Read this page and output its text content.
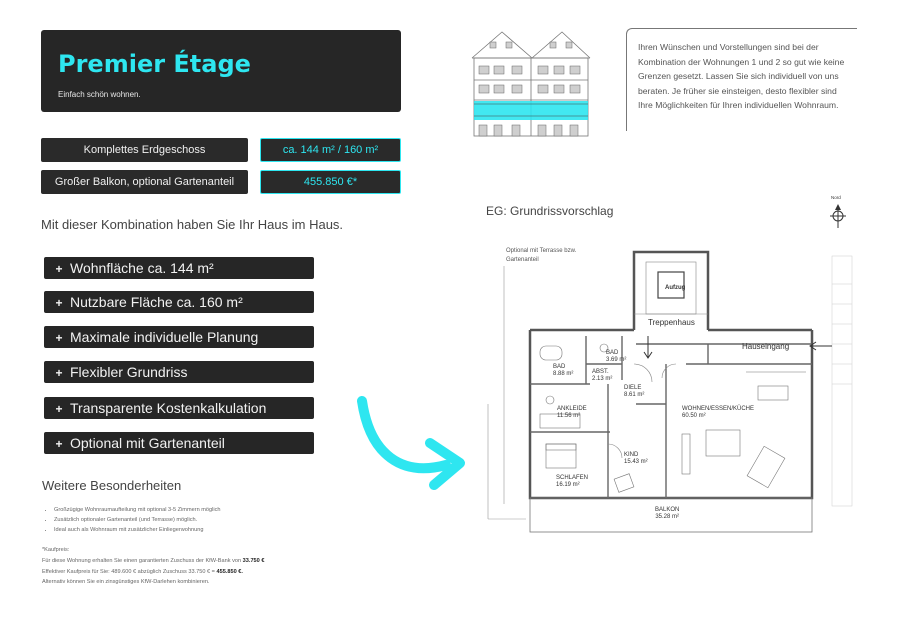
Premier Étage
Einfach schön wohnen.
Komplettes Erdgeschoss	ca. 144 m² / 160 m²
Großer Balkon, optional Gartenanteil	455.850 €*
Mit dieser Kombination haben Sie Ihr Haus im Haus.
+ Wohnfläche ca. 144 m²
+ Nutzbare Fläche ca. 160 m²
+ Maximale individuelle Planung
+ Flexibler Grundriss
+ Transparente Kostenkalkulation
+ Optional mit Gartenanteil
Weitere Besonderheiten
• Großzügige Wohnraumaufteilung mit optional 3-5 Zimmern möglich
• Zusätzlich optionaler Gartenanteil (und Terrasse) möglich.
• Ideal auch als Wohnraum mit zusätzlicher Einliegerwohnung
*Kaufpreis:
Für diese Wohnung erhalten Sie einen garantierten Zuschuss der KfW-Bank von 33.750 €
Effektiver Kaufpreis für Sie: 489.600 € abzüglich Zuschuss 33.750 € = 455.850 €.
Alternativ können Sie ein zinsgünstiges KfW-Darlehen kombinieren.
Ihren Wünschen und Vorstellungen sind bei der Kombination der Wohnungen 1 und 2 so gut wie keine Grenzen gesetzt. Lassen Sie sich individuell von uns beraten. Je früher sie einsteigen, desto flexibler sind Ihre Möglichkeiten für Ihren individuellen Wohnraum.
EG: Grundrissvorschlag
Nord
Optional mit Terrasse bzw. Gartenanteil
Aufzug
Treppenhaus
Hauseingang
BAD
8.88 m²
BAD
3.69 m²
ABST.
2.13 m²
DIELE
8.61 m²
ANKLEIDE
11.56 m²
WOHNEN/ESSEN/KÜCHE
60.50 m²
KIND
15.43 m²
SCHLAFEN
16.19 m²
BALKON
35.28 m²
